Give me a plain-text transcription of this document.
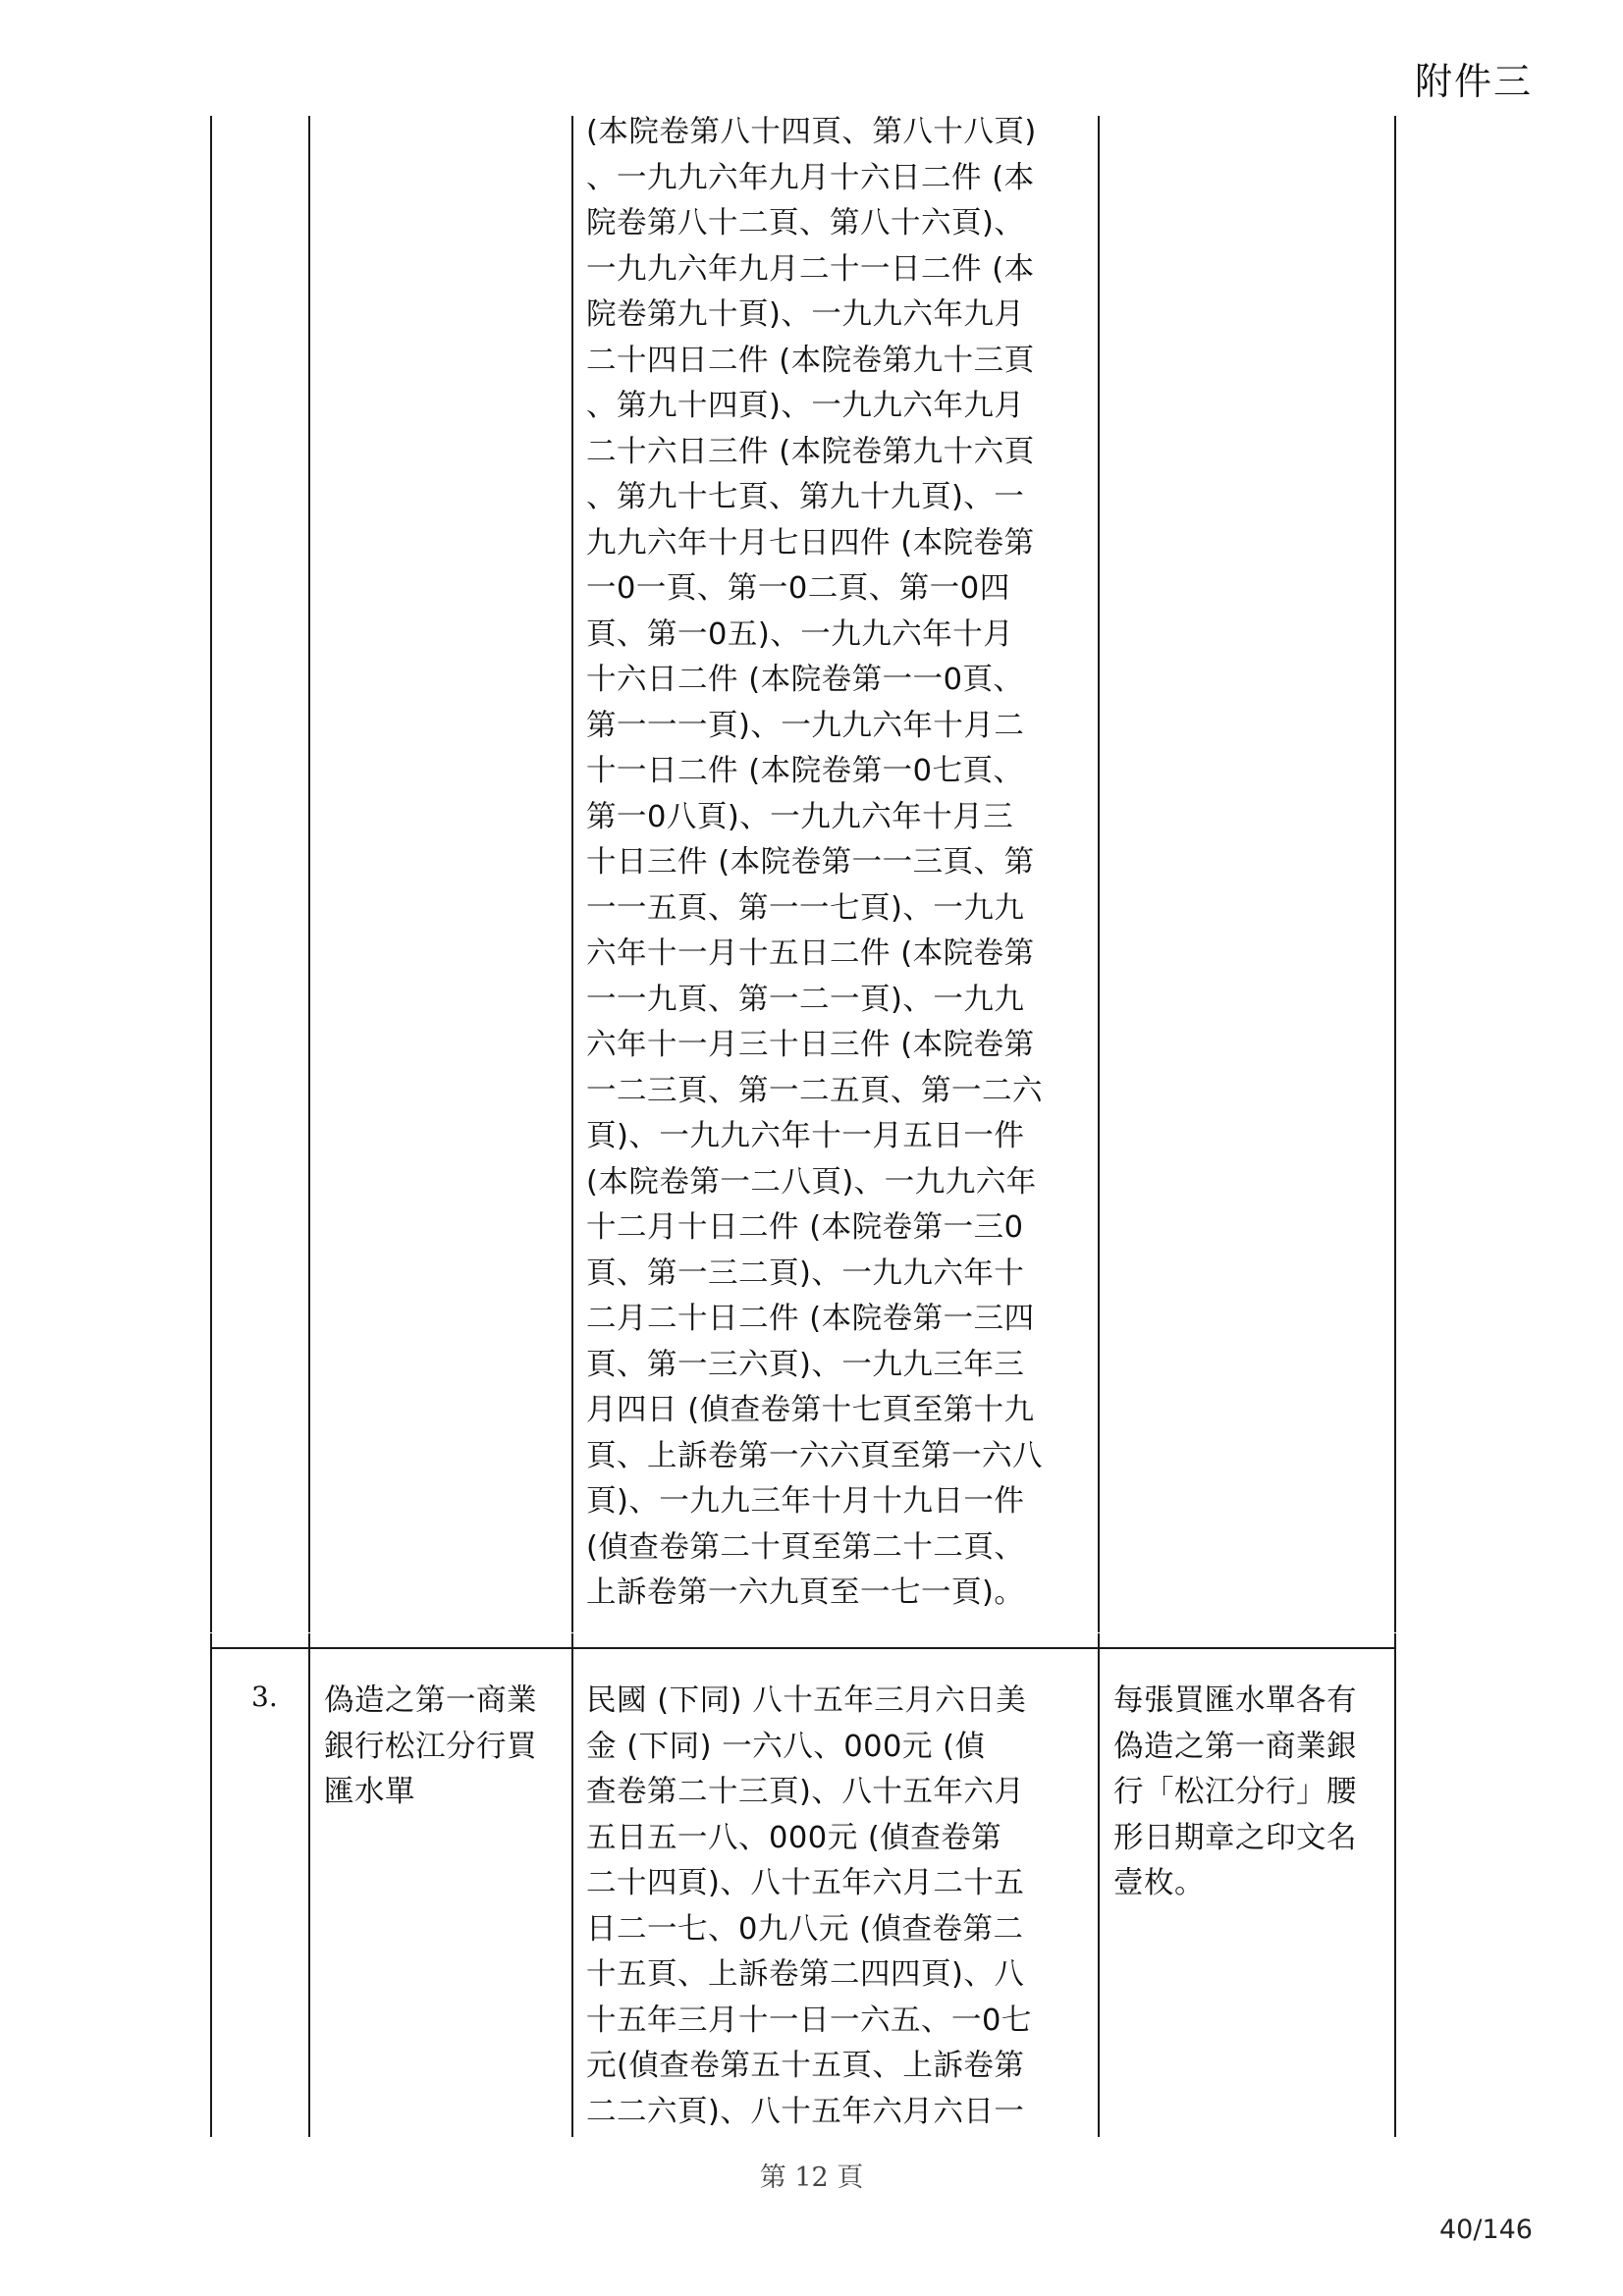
附件三
(本院卷第八十四頁、第八十八頁)
、一九九六年九月十六日二件 (本
院卷第八十二頁、第八十六頁)、
一九九六年九月二十一日二件 (本
院卷第九十頁)、一九九六年九月
二十四日二件 (本院卷第九十三頁
、第九十四頁)、一九九六年九月
二十六日三件 (本院卷第九十六頁
、第九十七頁、第九十九頁)、一
九九六年十月七日四件 (本院卷第
一0一頁、第一0二頁、第一0四
頁、第一0五)、一九九六年十月
十六日二件 (本院卷第一一0頁、
第一一一頁)、一九九六年十月二
十一日二件 (本院卷第一0七頁、
第一0八頁)、一九九六年十月三
十日三件 (本院卷第一一三頁、第
一一五頁、第一一七頁)、一九九
六年十一月十五日二件 (本院卷第
一一九頁、第一二一頁)、一九九
六年十一月三十日三件 (本院卷第
一二三頁、第一二五頁、第一二六
頁)、一九九六年十一月五日一件
(本院卷第一二八頁)、一九九六年
十二月十日二件 (本院卷第一三0
頁、第一三二頁)、一九九六年十
二月二十日二件 (本院卷第一三四
頁、第一三六頁)、一九九三年三
月四日 (偵查卷第十七頁至第十九
頁、上訴卷第一六六頁至第一六八
頁)、一九九三年十月十九日一件
(偵查卷第二十頁至第二十二頁、
上訴卷第一六九頁至一七一頁)。
3. 偽造之第一商業
銀行松江分行買
匯水單
民國 (下同) 八十五年三月六日美
金 (下同) 一六八、000元 (偵
查卷第二十三頁)、八十五年六月
五日五一八、000元 (偵查卷第
二十四頁)、八十五年六月二十五
日二一七、0九八元 (偵查卷第二
十五頁、上訴卷第二四四頁)、八
十五年三月十一日一六五、一0七
元(偵查卷第五十五頁、上訴卷第
二二六頁)、八十五年六月六日一
每張買匯水單各有
偽造之第一商業銀
行「松江分行」腰
形日期章之印文名
壹枚。
第 12 頁
40/146
